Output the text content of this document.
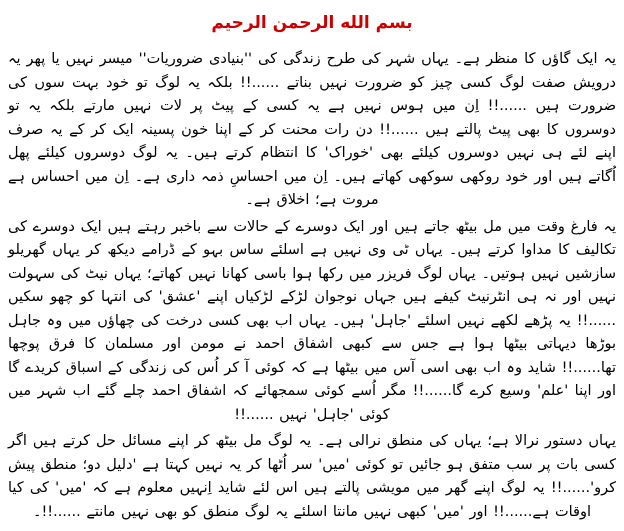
بسم الله الرحمن الرحيم

یہ ایک گاؤں کا منظر ہے۔ یہاں شہر کی طرح زندگی کی ''بنیادی ضروریات'' میسر نہیں یا پھر یہ درویش صفت لوگ کسی چیز کو ضرورت نہیں بناتے ......!! بلکہ یہ لوگ تو خود بہت سوں کی ضرورت ہیں ......!! اِن میں ہوس نہیں ہے یہ کسی کے پیٹ پر لات نہیں مارتے بلکہ یہ تو دوسروں کا بھی پیٹ پالتے ہیں ......!! دن رات محنت کر کے اپنا خون پسینہ ایک کر کے یہ صرف اپنے لئے ہی نہیں دوسروں کیلئے بھی 'خوراک' کا انتظام کرتے ہیں۔ یہ لوگ دوسروں کیلئے پھل اُگاتے ہیں اور خود روکھی سوکھی کھاتے ہیں۔ اِن میں احساسِ ذمہ داری ہے۔ اِن میں احساس ہے مروت ہے؛ اخلاق ہے۔

یہ فارغ وقت میں مل بیٹھ جاتے ہیں اور ایک دوسرے کے حالات سے باخبر رہتے ہیں ایک دوسرے کی تکالیف کا مداوا کرتے ہیں۔ یہاں ٹی وی نہیں ہے اسلئے ساس بہو کے ڈرامے دیکھ کر یہاں گھریلو سازشیں نہیں ہوتیں۔ یہاں لوگ فریزر میں رکھا ہوا باسی کھانا نہیں کھاتے؛ یہاں نیٹ کی سہولت نہیں اور نہ ہی انٹرنیٹ کیفے ہیں جہاں نوجوان لڑکے لڑکیاں اپنے 'عشق' کی انتہا کو چھو سکیں ......!! یہ پڑھے لکھے نہیں اسلئے 'جاہل' ہیں۔ یہاں اب بھی کسی درخت کی چھاؤں میں وہ جاہل بوڑھا دیہاتی بیٹھا ہوا ہے جس سے کبھی اشفاق احمد نے مومن اور مسلمان کا فرق پوچھا تھا......!! شاید وہ اب بھی اسی آس میں بیٹھا ہے کہ کوئی آ کر اُس کی زندگی کے اسباق کریدے گا اور اپنا 'علم' وسیع کرے گا......!! مگر اُسے کوئی سمجھائے کہ اشفاق احمد چلے گئے اب شہر میں کوئی 'جاہل' نہیں ......!!

یہاں دستور نرالا ہے؛ یہاں کی منطق نرالی ہے۔ یہ لوگ مل بیٹھ کر اپنے مسائل حل کرتے ہیں اگر کسی بات پر سب متفق ہو جائیں تو کوئی 'میں' سر اُٹھا کر یہ نہیں کہتا ہے 'دلیل دو؛ منطق پیش کرو'......!! یہ لوگ اپنے گھر میں مویشی پالتے ہیں اس لئے شاید اِنہیں معلوم ہے کہ 'میں' کی کیا اوقات ہے......!! اور 'میں' کبھی نہیں مانتا اسلئے یہ لوگ منطق کو بھی نہیں مانتے ......!!۔
